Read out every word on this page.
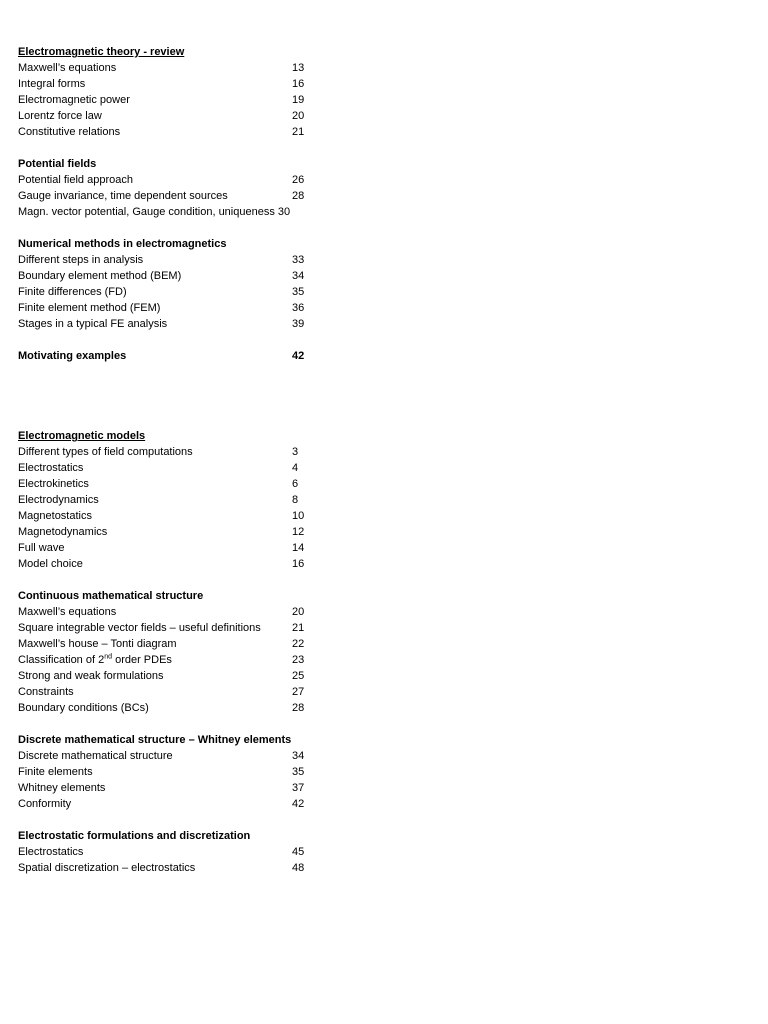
Electromagnetic theory - review
Maxwell’s equations	13
Integral forms	16
Electromagnetic power	19
Lorentz force law	20
Constitutive relations	21
Potential fields
Potential field approach	26
Gauge invariance, time dependent sources	28
Magn. vector potential, Gauge condition, uniqueness 30
Numerical methods in electromagnetics
Different steps in analysis	33
Boundary element method (BEM)	34
Finite differences (FD)	35
Finite element method (FEM)	36
Stages in a typical FE analysis	39
Motivating examples	42
Electromagnetic models
Different types of field computations	3
Electrostatics	4
Electrokinetics	6
Electrodynamics	8
Magnetostatics	10
Magnetodynamics	12
Full wave	14
Model choice	16
Continuous mathematical structure
Maxwell’s equations	20
Square integrable vector fields – useful definitions	21
Maxwell’s house – Tonti diagram	22
Classification of 2nd order PDEs	23
Strong and weak formulations	25
Constraints	27
Boundary conditions (BCs)	28
Discrete mathematical structure – Whitney elements
Discrete mathematical structure	34
Finite elements	35
Whitney elements	37
Conformity	42
Electrostatic formulations and discretization
Electrostatics	45
Spatial discretization – electrostatics	48
